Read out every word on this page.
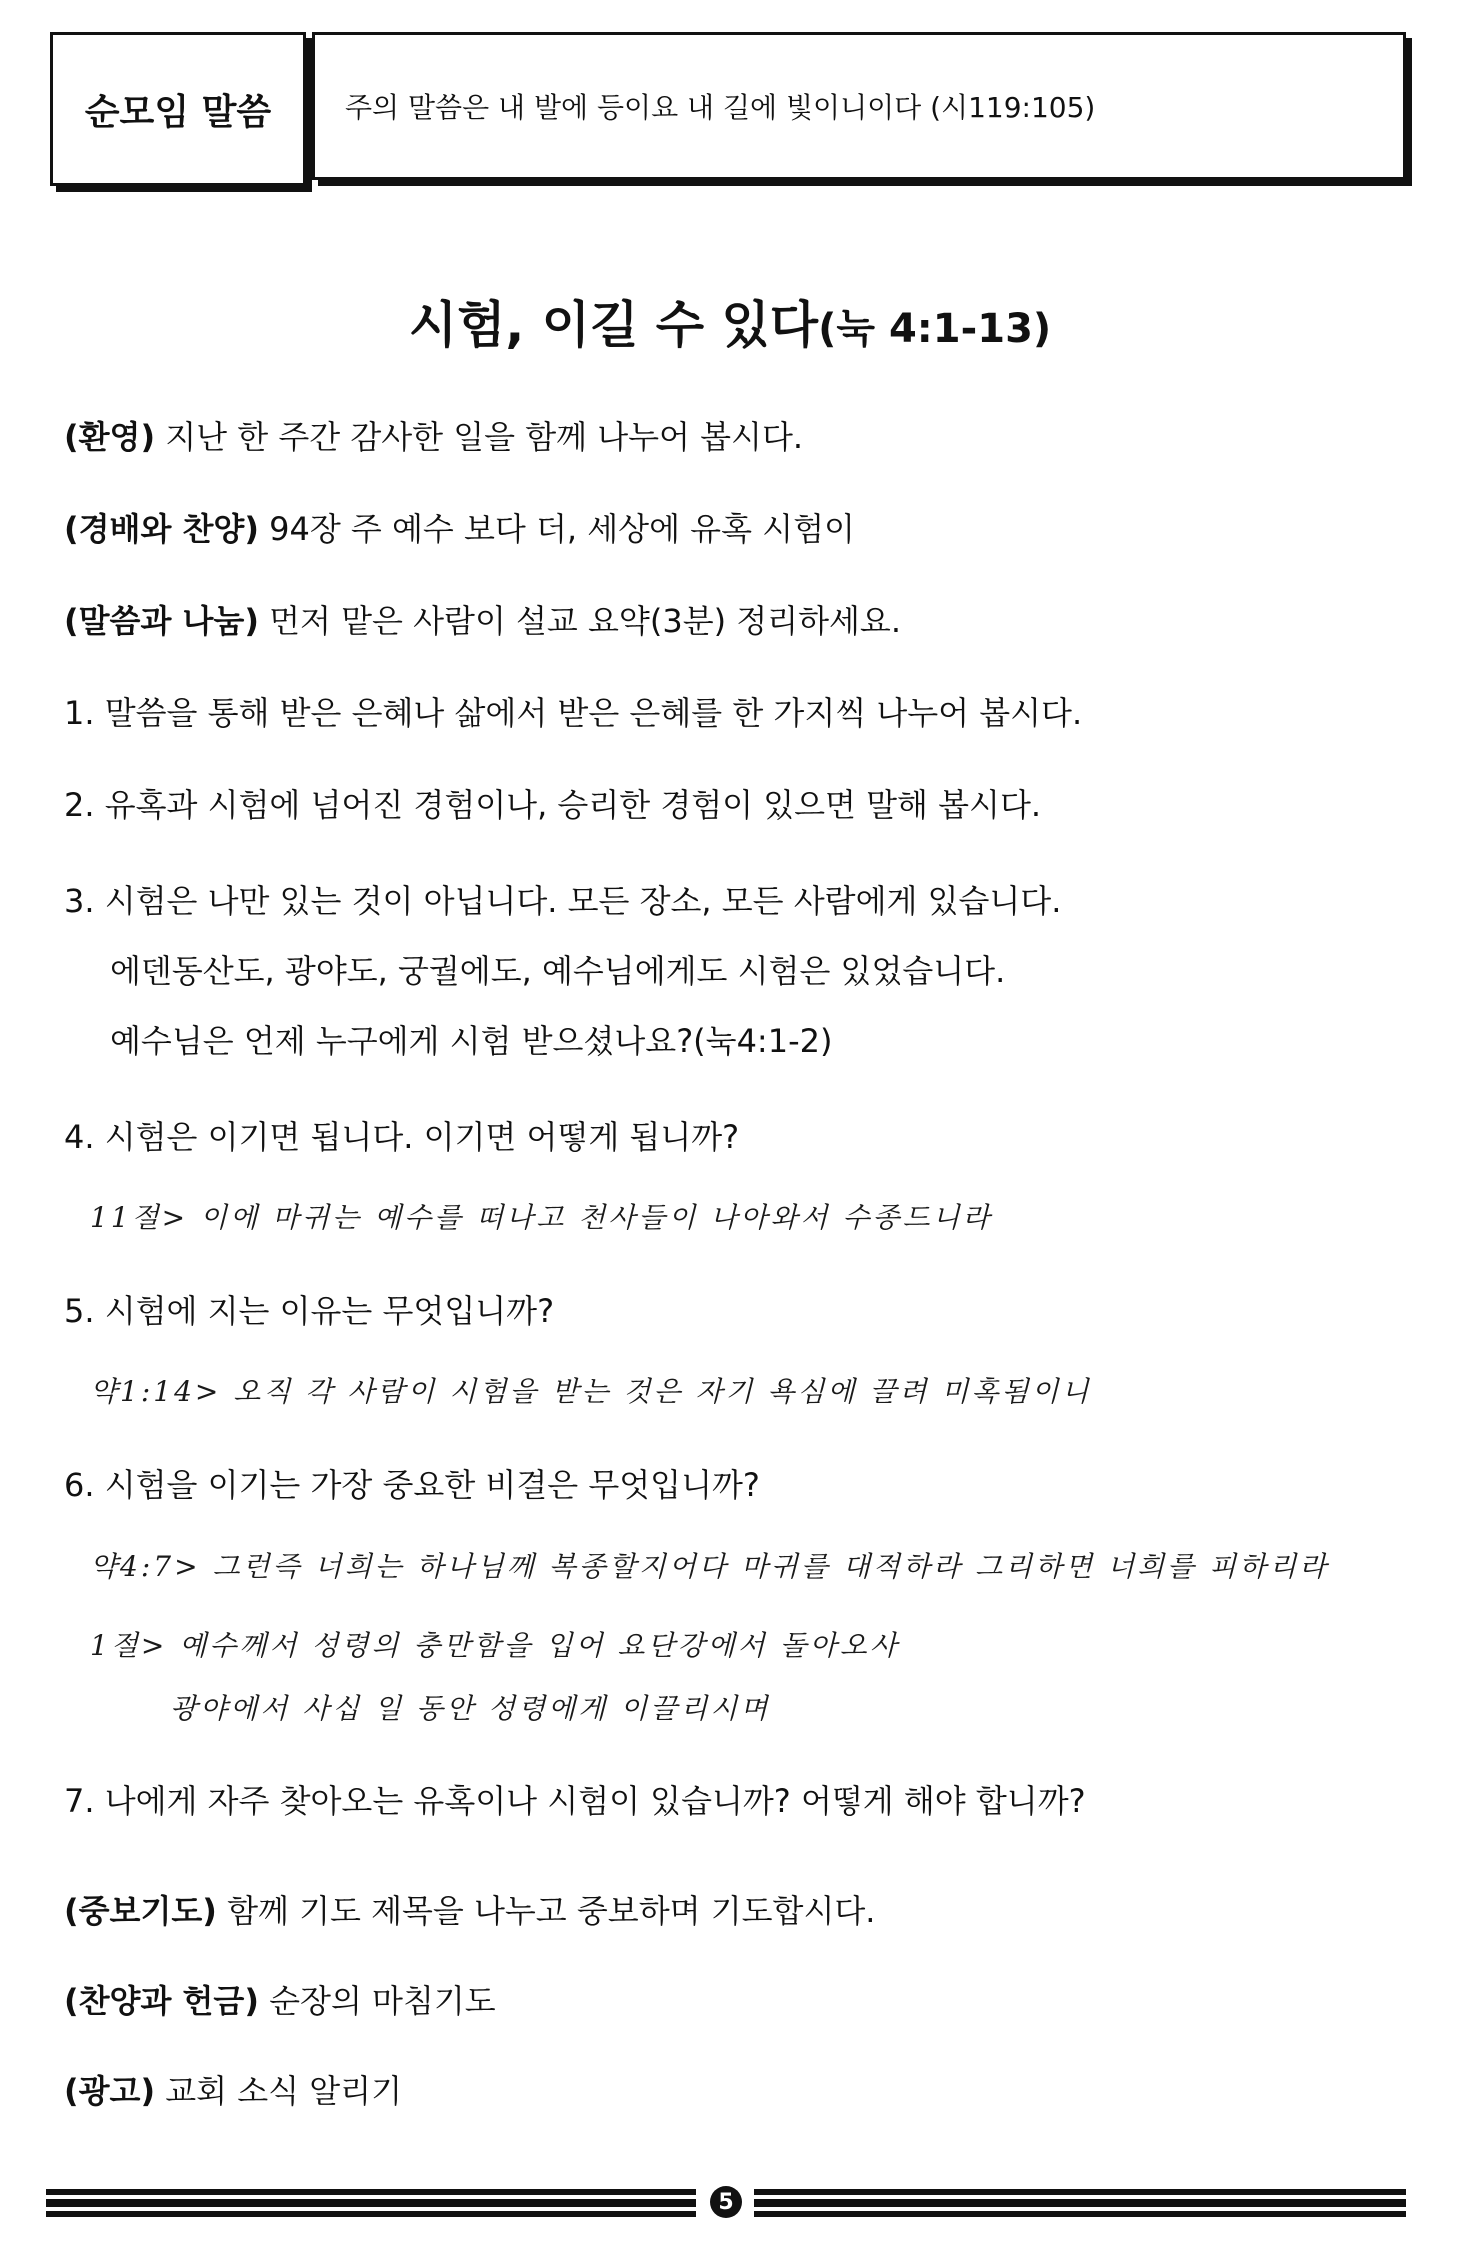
순모임 말씀	주의 말씀은 내 발에 등이요 내 길에 빛이니이다 (시119:105)
시험, 이길 수 있다(눅 4:1-13)
(환영) 지난 한 주간 감사한 일을 함께 나누어 봅시다.
(경배와 찬양) 94장 주 예수 보다 더, 세상에 유혹 시험이
(말씀과 나눔) 먼저 맡은 사람이 설교 요약(3분) 정리하세요.
1. 말씀을 통해 받은 은혜나 삶에서 받은 은혜를 한 가지씩 나누어 봅시다.
2. 유혹과 시험에 넘어진 경험이나, 승리한 경험이 있으면 말해 봅시다.
3. 시험은 나만 있는 것이 아닙니다. 모든 장소, 모든 사람에게 있습니다.
에덴동산도, 광야도, 궁궐에도, 예수님에게도 시험은 있었습니다.
예수님은 언제 누구에게 시험 받으셨나요?(눅4:1-2)
4. 시험은 이기면 됩니다. 이기면 어떻게 됩니까?
11절> 이에 마귀는 예수를 떠나고 천사들이 나아와서 수종드니라
5. 시험에 지는 이유는 무엇입니까?
약1:14> 오직 각 사람이 시험을 받는 것은 자기 욕심에 끌려 미혹됨이니
6. 시험을 이기는 가장 중요한 비결은 무엇입니까?
약4:7> 그런즉 너희는 하나님께 복종할지어다 마귀를 대적하라 그리하면 너희를 피하리라
1절> 예수께서 성령의 충만함을 입어 요단강에서 돌아오사
광야에서 사십 일 동안 성령에게 이끌리시며
7. 나에게 자주 찾아오는 유혹이나 시험이 있습니까? 어떻게 해야 합니까?
(중보기도) 함께 기도 제목을 나누고 중보하며 기도합시다.
(찬양과 헌금) 순장의 마침기도
(광고) 교회 소식 알리기
5
